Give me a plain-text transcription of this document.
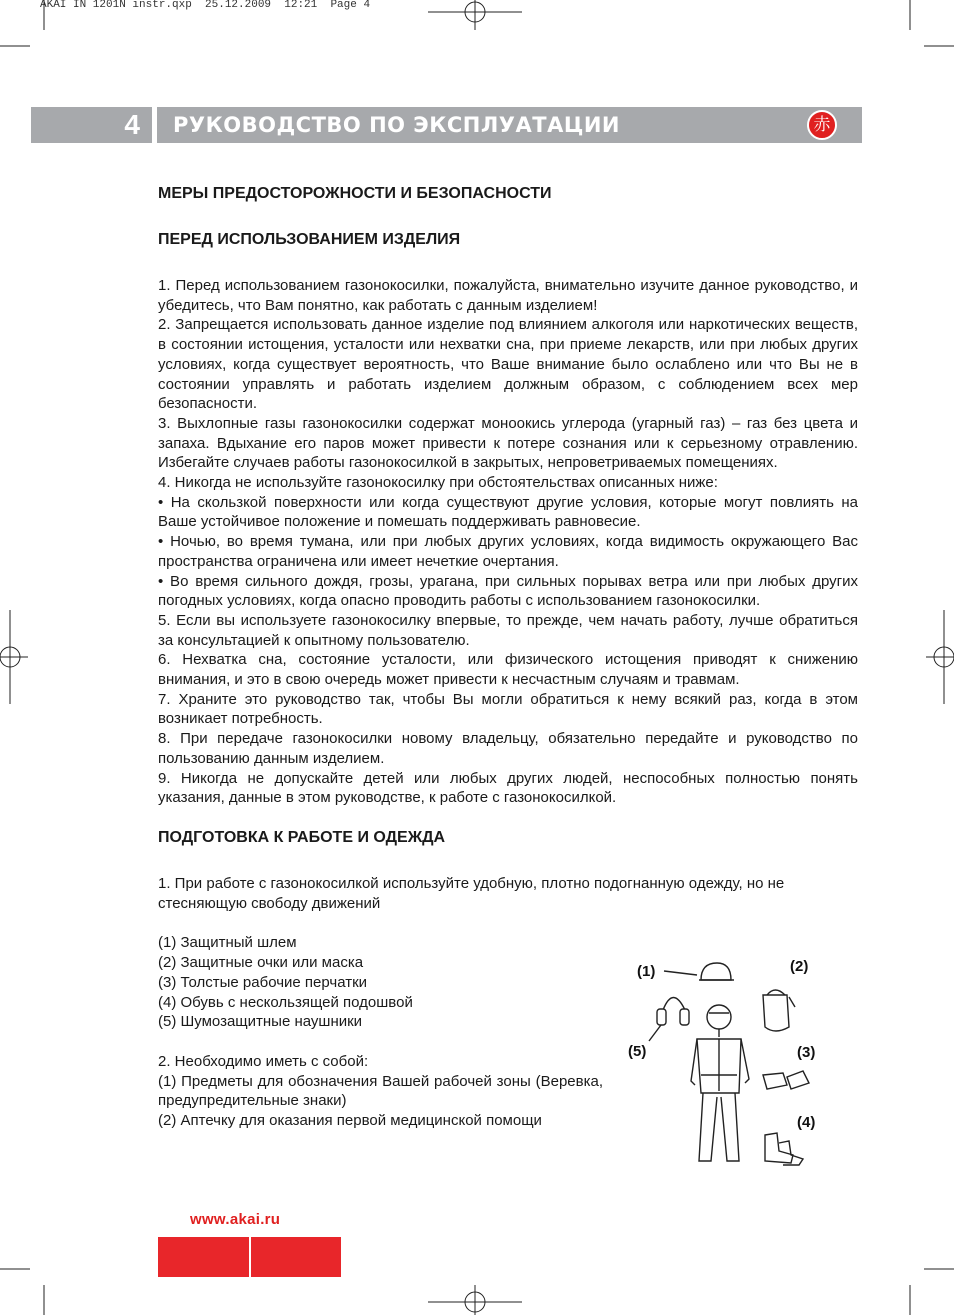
AKAI IN 1201N instr.qxp  25.12.2009  12:21  Page 4
4	РУКОВОДСТВО ПО ЭКСПЛУАТАЦИИ	赤
МЕРЫ ПРЕДОСТОРОЖНОСТИ И БЕЗОПАСНОСТИ
ПЕРЕД ИСПОЛЬЗОВАНИЕМ ИЗДЕЛИЯ

1. Перед использованием газонокосилки, пожалуйста, внимательно изучите данное руководство, и убедитесь, что Вам понятно, как работать с данным изделием!

2. Запрещается использовать данное изделие под влиянием алкоголя или наркотических веществ, в состоянии истощения, усталости или нехватки сна, при приеме лекарств, или при любых других условиях, когда существует вероятность, что Ваше внимание было ослаблено или что Вы не в состоянии управлять и работать изделием должным образом, с соблюдением всех мер безопасности.

3. Выхлопные газы газонокосилки содержат моноокись углерода (угарный газ) – газ без цвета и запаха. Вдыхание его паров может привести к потере сознания или к серьезному отравлению. Избегайте случаев работы газонокосилкой в закрытых, непроветриваемых помещениях.

4. Никогда не используйте газонокосилку при обстоятельствах описанных ниже:

• На скользкой поверхности или когда существуют другие условия, которые могут повлиять на Ваше устойчивое положение и помешать поддерживать равновесие.

• Ночью, во время тумана, или при любых других условиях, когда видимость окружающего Вас пространства ограничена или имеет нечеткие очертания.

• Во время сильного дождя, грозы, урагана, при сильных порывах ветра или при любых других погодных условиях, когда опасно проводить работы с использованием газонокосилки.

5. Если вы используете газонокосилку впервые, то прежде, чем начать работу, лучше обратиться за консультацией к опытному пользователю.

6. Нехватка сна, состояние усталости, или физического истощения приводят к снижению внимания, и это в свою очередь может привести к несчастным случаям и травмам.

7. Храните это руководство так, чтобы Вы могли обратиться к нему всякий раз, когда в этом возникает потребность.

8. При передаче газонокосилки новому владельцу, обязательно передайте и руководство по пользованию данным изделием.

9. Никогда не допускайте детей или любых других людей, неспособных полностью понять указания, данные в этом руководстве, к работе с газонокосилкой.

ПОДГОТОВКА К РАБОТЕ И ОДЕЖДА

1. При работе с газонокосилкой используйте удобную, плотно подогнанную одежду, но не стесняющую свободу движений

(1) Защитный шлем

(2) Защитные очки или маска

(3) Толстые рабочие перчатки

(4) Обувь с нескользящей подошвой

(5) Шумозащитные наушники

2. Необходимо иметь с собой:

(1) Предметы для обозначения Вашей рабочей зоны (Веревка, предупредительные знаки)

(2) Аптечку для оказания первой медицинской помощи

(1)	(2)
(3)
(4)
(5)
www.akai.ru
